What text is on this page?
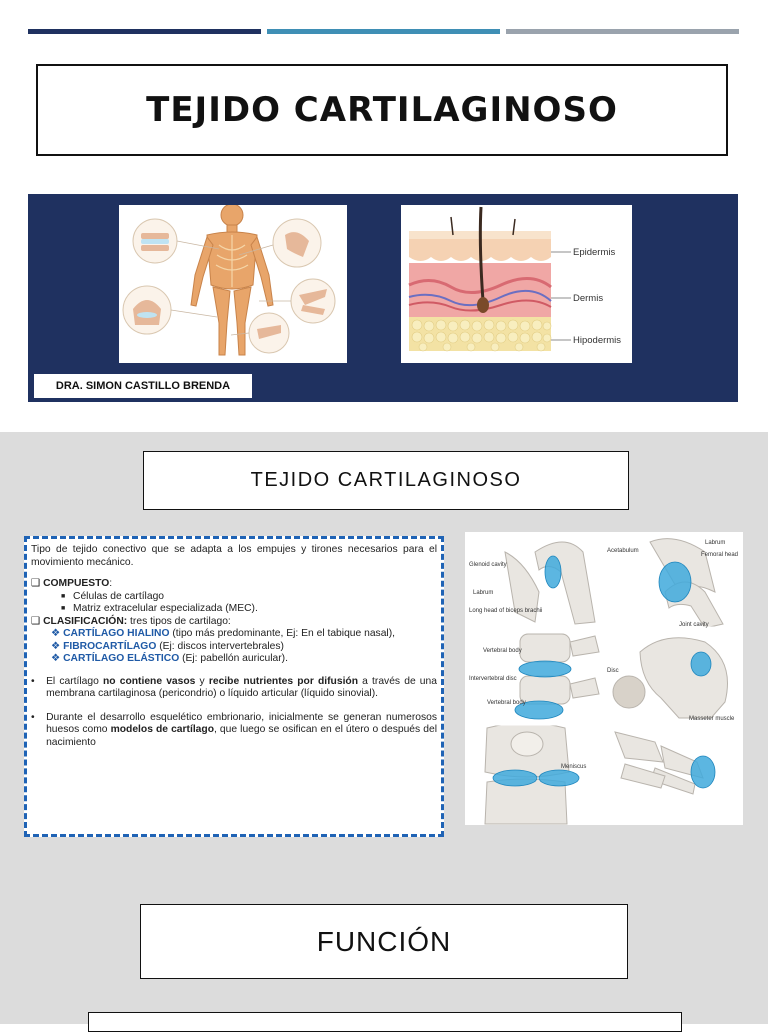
TEJIDO CARTILAGINOSO
Epidermis
Dermis
Hipodermis
DRA. SIMON CASTILLO BRENDA
TEJIDO CARTILAGINOSO

Tipo de tejido conectivo que se adapta a los empujes y tirones necesarios para el movimiento mecánico.

❑ COMPUESTO:
■ Células de cartílago
■ Matriz extracelular especializada (MEC).
❑ CLASIFICACIÓN: tres tipos de cartilago:
❖ CARTÍLAGO HIALINO (tipo más predominante, Ej: En el tabique nasal),
❖ FIBROCARTÍLAGO (Ej: discos intervertebrales)
❖ CARTÍLAGO ELÁSTICO (Ej: pabellón auricular).
• El cartílago no contiene vasos y recibe nutrientes por difusión a través de una membrana cartilaginosa (pericondrio) o líquido articular (líquido sinovial).

• Durante el desarrollo esquelético embrionario, inicialmente se generan numerosos huesos como modelos de cartílago, que luego se osifican en el útero o después del nacimiento

Glenoid cavity
Labrum
Long head of biceps brachii
Acetabulum
Labrum
Femoral head
Joint cavity
Vertebral body
Intervertebral disc
Vertebral body
Disc
Masseter muscle
Meniscus
FUNCIÓN
